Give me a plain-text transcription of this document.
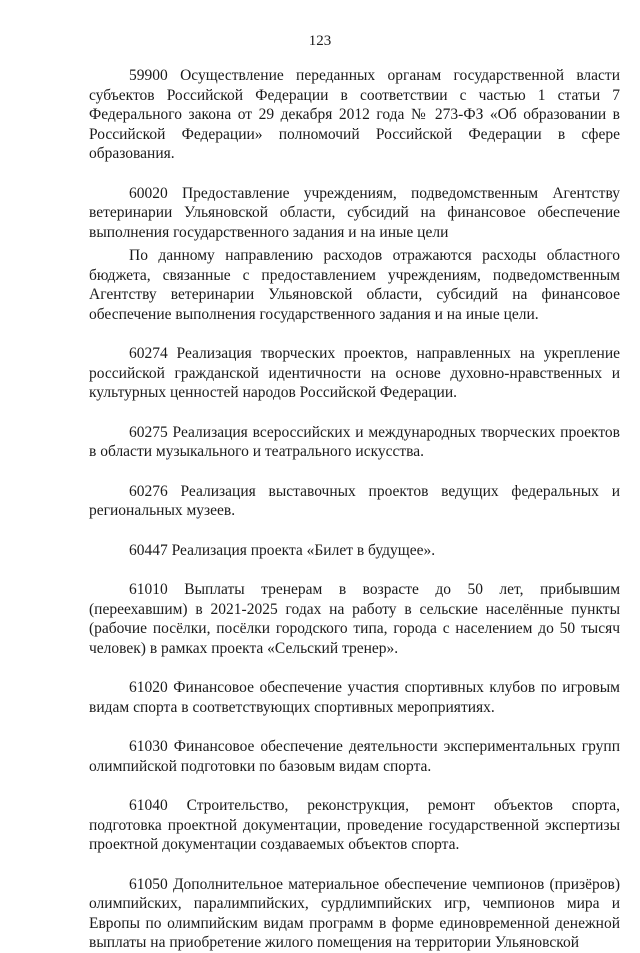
123

59900 Осуществление переданных органам государственной власти субъектов Российской Федерации в соответствии с частью 1 статьи 7 Федерального закона от 29 декабря 2012 года № 273-ФЗ «Об образовании в Российской Федерации» полномочий Российской Федерации в сфере образования.

60020 Предоставление учреждениям, подведомственным Агентству ветеринарии Ульяновской области, субсидий на финансовое обеспечение выполнения государственного задания и на иные цели

По данному направлению расходов отражаются расходы областного бюджета, связанные с предоставлением учреждениям, подведомственным Агентству ветеринарии Ульяновской области, субсидий на финансовое обеспечение выполнения государственного задания и на иные цели.

60274 Реализация творческих проектов, направленных на укрепление российской гражданской идентичности на основе духовно-нравственных и культурных ценностей народов Российской Федерации.

60275 Реализация всероссийских и международных творческих проектов в области музыкального и театрального искусства.

60276 Реализация выставочных проектов ведущих федеральных и региональных музеев.

60447 Реализация проекта «Билет в будущее».

61010 Выплаты тренерам в возрасте до 50 лет, прибывшим (переехавшим) в 2021-2025 годах на работу в сельские населённые пункты (рабочие посёлки, посёлки городского типа, города с населением до 50 тысяч человек) в рамках проекта «Сельский тренер».

61020 Финансовое обеспечение участия спортивных клубов по игровым видам спорта в соответствующих спортивных мероприятиях.

61030 Финансовое обеспечение деятельности экспериментальных групп олимпийской подготовки по базовым видам спорта.

61040 Строительство, реконструкция, ремонт объектов спорта, подготовка проектной документации, проведение государственной экспертизы проектной документации создаваемых объектов спорта.

61050 Дополнительное материальное обеспечение чемпионов (призёров) олимпийских, паралимпийских, сурдлимпийских игр, чемпионов мира и Европы по олимпийским видам программ в форме единовременной денежной выплаты на приобретение жилого помещения на территории Ульяновской
